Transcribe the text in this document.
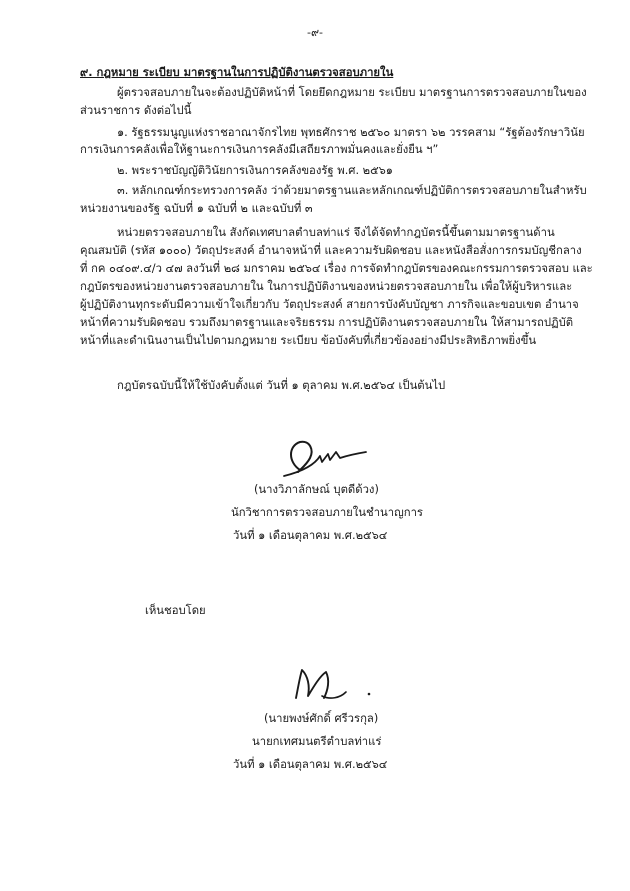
-๙-
๙. กฎหมาย ระเบียบ มาตรฐานในการปฏิบัติงานตรวจสอบภายใน
ผู้ตรวจสอบภายในจะต้องปฏิบัติหน้าที่ โดยยึดกฎหมาย ระเบียบ มาตรฐานการตรวจสอบภายในของ
ส่วนราชการ ดังต่อไปนี้
๑. รัฐธรรมนูญแห่งราชอาณาจักรไทย พุทธศักราช ๒๕๖๐ มาตรา ๖๒ วรรคสาม “รัฐต้องรักษาวินัย
การเงินการคลังเพื่อให้ฐานะการเงินการคลังมีเสถียรภาพมั่นคงและยั่งยืน ฯ”
๒. พระราชบัญญัติวินัยการเงินการคลังของรัฐ พ.ศ. ๒๕๖๑
๓. หลักเกณฑ์กระทรวงการคลัง ว่าด้วยมาตรฐานและหลักเกณฑ์ปฏิบัติการตรวจสอบภายในสำหรับ
หน่วยงานของรัฐ ฉบับที่ ๑ ฉบับที่ ๒ และฉบับที่ ๓
หน่วยตรวจสอบภายใน สังกัดเทศบาลตำบลท่าแร่ จึงได้จัดทำกฎบัตรนี้ขึ้นตามมาตรฐานด้าน
คุณสมบัติ (รหัส ๑๐๐๐) วัตถุประสงค์ อำนาจหน้าที่ และความรับผิดชอบ และหนังสือสั่งการกรมบัญชีกลาง
ที่ กค ๐๔๐๙.๔/ว ๔๗ ลงวันที่ ๒๘ มกราคม ๒๕๖๔ เรื่อง การจัดทำกฎบัตรของคณะกรรมการตรวจสอบ และ
กฎบัตรของหน่วยงานตรวจสอบภายใน ในการปฏิบัติงานของหน่วยตรวจสอบภายใน เพื่อให้ผู้บริหารและ
ผู้ปฏิบัติงานทุกระดับมีความเข้าใจเกี่ยวกับ วัตถุประสงค์ สายการบังคับบัญชา ภารกิจและขอบเขต อำนาจ
หน้าที่ความรับผิดชอบ รวมถึงมาตรฐานและจริยธรรม การปฏิบัติงานตรวจสอบภายใน ให้สามารถปฏิบัติ
หน้าที่และดำเนินงานเป็นไปตามกฎหมาย ระเบียบ ข้อบังคับที่เกี่ยวข้องอย่างมีประสิทธิภาพยิ่งขึ้น
กฎบัตรฉบับนี้ให้ใช้บังคับตั้งแต่ วันที่ ๑ ตุลาคม พ.ศ.๒๕๖๔ เป็นต้นไป
(นางวิภาลักษณ์ บุตดีด้วง)
นักวิชาการตรวจสอบภายในชำนาญการ
วันที่ ๑ เดือนตุลาคม พ.ศ.๒๕๖๔
เห็นชอบโดย
(นายพงษ์ศักดิ์ ศรีวรกุล)
นายกเทศมนตรีตำบลท่าแร่
วันที่ ๑ เดือนตุลาคม พ.ศ.๒๕๖๔
